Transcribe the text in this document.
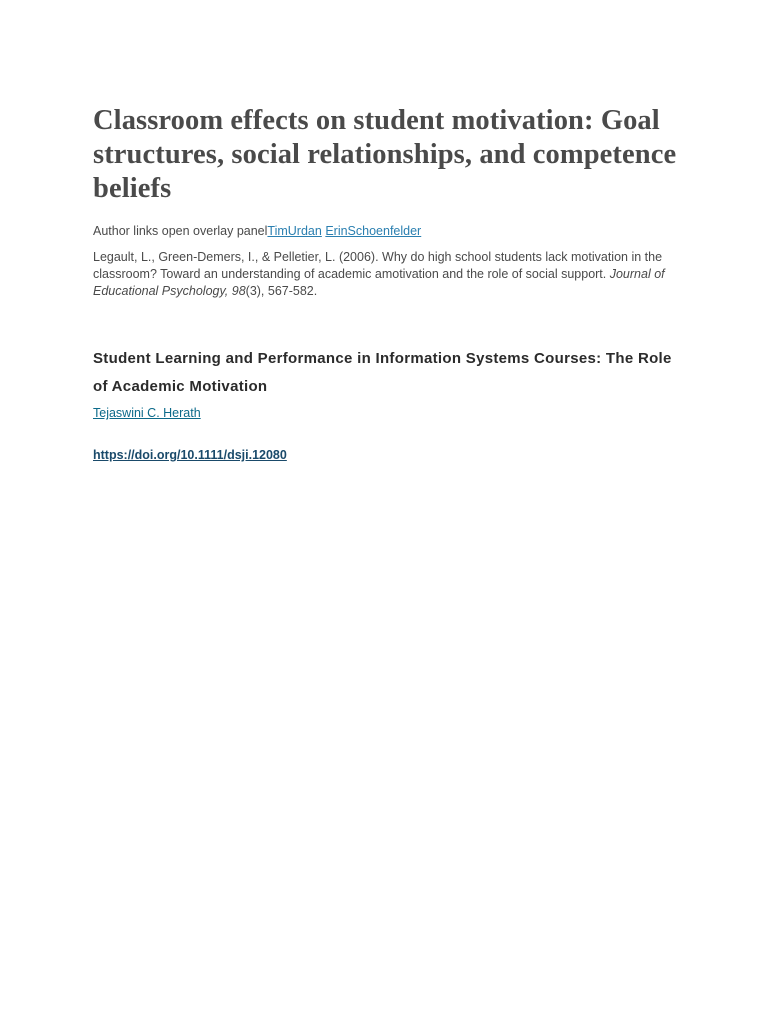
Classroom effects on student motivation: Goal structures, social relationships, and competence beliefs

Author links open overlay panelTimUrdan ErinSchoenfelder

Legault, L., Green-Demers, I., & Pelletier, L. (2006). Why do high school students lack motivation in the classroom? Toward an understanding of academic amotivation and the role of social support. Journal of Educational Psychology, 98(3), 567-582.

Student Learning and Performance in Information Systems Courses: The Role of Academic Motivation

Tejaswini C. Herath

https://doi.org/10.1111/dsji.12080
